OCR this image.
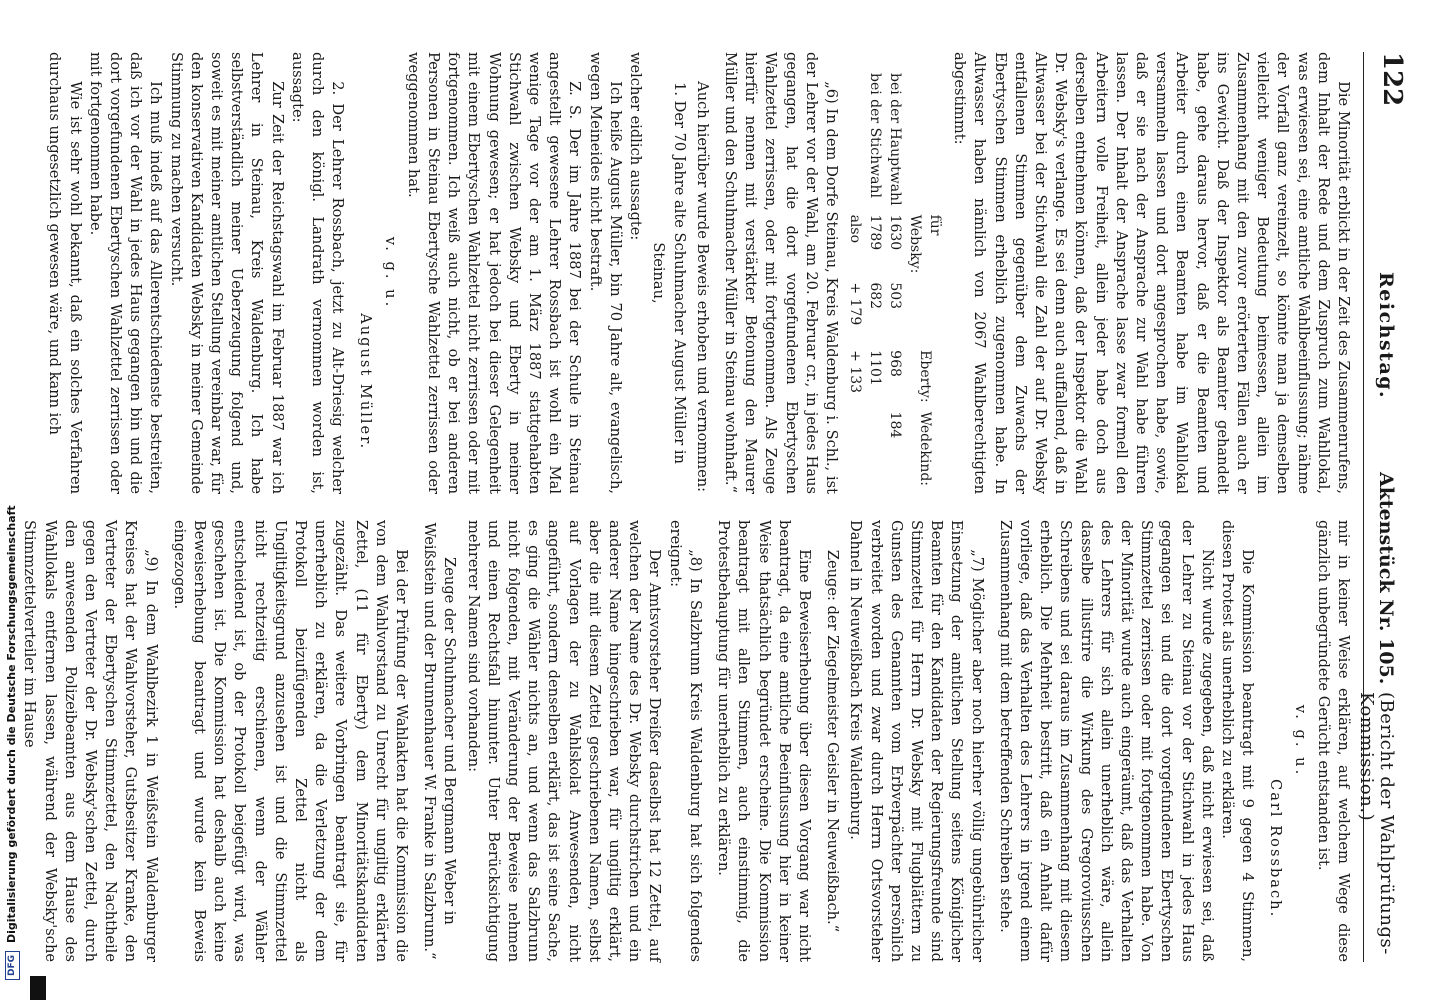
DFGDigitalisierung gefördert durch die Deutsche Forschungsgemeinschaft
122
Reichstag.
Aktenstück Nr. 105.
(Bericht der Wahlprüfungs-Kommission.)

Die Minorität erblickt in der Zeit des Zusammenrufens, dem Inhalt der Rede und dem Zuspruch zum Wahllokal, was erwiesen sei, eine amtliche Wahlbeeinflussung; nähme der Vorfall ganz vereinzelt, so könnte man ja demselben vielleicht weniger Bedeutung beimessen, allein im Zusammenhang mit den zuvor erörterten Fällen auch er ins Gewicht. Daß der Inspektor als Beamter gehandelt habe, gehe daraus hervor, daß er die Beamten und Arbeiter durch einen Beamten habe im Wahllokal versammeln lassen und dort angesprochen habe, sowie, daß er sie nach der Ansprache zur Wahl habe führen lassen. Der Inhalt der Ansprache lasse zwar formell den Arbeitern volle Freiheit, allein jeder habe doch aus derselben entnehmen können, daß der Inspektor die Wahl Dr. Websky's verlange. Es sei denn auch auffallend, daß in Altwasser bei der Stichwahl die Zahl der auf Dr. Websky entfallenen Stimmen gegenüber dem Zuwachs der Ebertyschen Stimmen erheblich zugenommen habe. In Altwasser haben nämlich von 2067 Wahlberechtigten abgestimmt:

	für Websky:		Eberty:	Wedekind:
bei der Hauptwahl	1630	503	968	184
bei der Stichwahl	1789	682	1101	
	also	+ 179	+ 133	

„6) In dem Dorfe Steinau, Kreis Waldenburg i. Schl., ist der Lehrer vor der Wahl, am 20. Februar cr., in jedes Haus gegangen, hat die dort vorgefundenen Ebertyschen Wahlzettel zerrissen, oder mit fortgenommen. Als Zeuge hierfür nennen mit verstärkter Betonung den Maurer Müller und den Schuhmacher Müller in Steinau wohnhaft.“

Auch hierüber wurde Beweis erhoben und vernommen:

1. Der 70 Jahre alte Schuhmacher August Müller in Steinau,

welcher eidlich aussagte:

Ich heiße August Müller, bin 70 Jahre alt, evangelisch, wegen Meineides nicht bestraft.

Z. S. Der im Jahre 1887 bei der Schule in Steinau angestellt gewesene Lehrer Rossbach ist wohl ein Mal wenige Tage vor der am 1. März 1887 stattgehabten Stichwahl zwischen Websky und Eberty in meiner Wohnung gewesen; er hat jedoch bei dieser Gelegenheit mit einem Ebertyschen Wahlzettel nicht zerrissen oder mit fortgenommen. Ich weiß auch nicht, ob er bei anderen Personen in Steinau Ebertysche Wahlzettel zerrissen oder weggenommen hat.

v. g. u.

August Müller.

2. Der Lehrer Rossbach, jetzt zu Alt-Driesig welcher durch den königl. Landrath vernommen worden ist, aussagte:

Zur Zeit der Reichstagswahl im Februar 1887 war ich Lehrer in Steinau, Kreis Waldenburg. Ich habe selbstverständlich meiner Ueberzeugung folgend und, soweit es mit meiner amtlichen Stellung vereinbar war, für den konservativen Kandidaten Websky in meiner Gemeinde Stimmung zu machen versucht.

Ich muß indeß auf das Allerentschiedenste bestreiten, daß ich vor der Wahl in jedes Haus gegangen bin und die dort vorgefundenen Ebertyschen Wahlzettel zerrissen oder mit fortgenommen habe.

Wie ist sehr wohl bekannt, daß ein solches Verfahren durchaus ungesetzlich gewesen wäre, und kann ich

mir in keiner Weise erklären, auf welchem Wege diese gänzlich unbegründete Gerücht entstanden ist.

v. g. u.

Carl Rossbach.

Die Kommission beantragt mit 9 gegen 4 Stimmen, diesen Protest als unerheblich zu erklären.

Nicht wurde zugegeben, daß nicht erwiesen sei, daß der Lehrer zu Steinau vor der Stichwahl in jedes Haus gegangen sei und die dort vorgefundenen Ebertyschen Stimmzettel zerrissen oder mit fortgenommen habe. Von der Minorität wurde auch eingeräumt, daß das Verhalten des Lehrers für sich allein unerheblich wäre, allein dasselbe illustrire die Wirkung des Gregoroviusschen Schreibens und sei daraus im Zusammenhang mit diesem erheblich. Die Mehrheit bestritt, daß ein Anhalt dafür vorliege, daß das Verhalten des Lehrers in irgend einem Zusammenhang mit dem betreffenden Schreiben stehe.

„7) Möglicher aber noch hierher völlig ungebührlicher Einsetzung der amtlichen Stellung seitens Königlicher Beamten für den Kandidaten der Regierungsfreunde sind Stimmzettel für Herrn Dr. Websky mit Flugblättern zu Gunsten des Genannten vom Erbverpächter persönlich verbreitet worden und zwar durch Herrn Ortsvorsteher Dahnel in Neuweißbach Kreis Waldenburg.

Zeuge: der Ziegelmeister Geisler in Neuweißbach.“

Eine Beweiserhebung über diesen Vorgang war nicht beantragt, da eine amtliche Beeinflussung hier in keiner Weise thatsächlich begründet erscheine. Die Kommission beantragt mit allen Stimmen, auch einstimmig, die Protestbehauptung für unerheblich zu erklären.

„8) In Salzbrunn Kreis Waldenburg hat sich folgendes ereignet:

Der Amtsvorsteher Dreißer daselbst hat 12 Zettel, auf welchen der Name des Dr. Websky durchstrichen und ein anderer Name hingeschrieben war, für ungiltig erklärt, aber die mit diesem Zettel geschriebenen Namen, selbst auf Vorlagen der zu Wahlskolat Anwesenden, nicht angeführt, sondern denselben erklärt, das ist seine Sache, es ging die Wähler nichts an, und wenn das Salzbrunn nicht folgenden, mit Veränderung der Beweise nehmen und einen Rechtsfall hinunter. Unter Berücksichtigung mehrerer Namen sind vorhanden:

Zeuge der Schuhmacher und Bergmann Weber in Weißstein und der Brunnenhauer W. Franke in Salzbrunn.“

Bei der Prüfung der Wahlakten hat die Kommission die von dem Wahlvorstand zu Unrecht für ungiltig erklärten Zettel, (11 für Eberty) dem Minoritätskandidaten zugezählt. Das weitere Vorbringen beantragt sie, für unerheblich zu erklären, da die Verletzung der dem Protokoll beizufügenden Zettel nicht als Ungiltigkeitsgrund anzusehen ist und die Stimmzettel nicht rechtzeitig erschienen, wenn der Wähler entscheidend ist, ob der Protokoll beigefügt wird, was geschehen ist. Die Kommission hat deshalb auch keine Beweiserhebung beantragt und wurde kein Beweis eingezogen.

„9) In dem Wahlbezirk 1 in Weißstein Waldenburger Kreises hat der Wahlvorsteher, Gutsbesitzer Kranke, den Vertreter der Ebertyschen Stimmzettel, den Nachtheile gegen den Vertreter der Dr. Websky'schen Zettel, durch den anwesenden Polizeibeamten aus dem Hause des Wahllokals entfernen lassen, während der Websky'sche Stimmzettelverteiler im Hause
